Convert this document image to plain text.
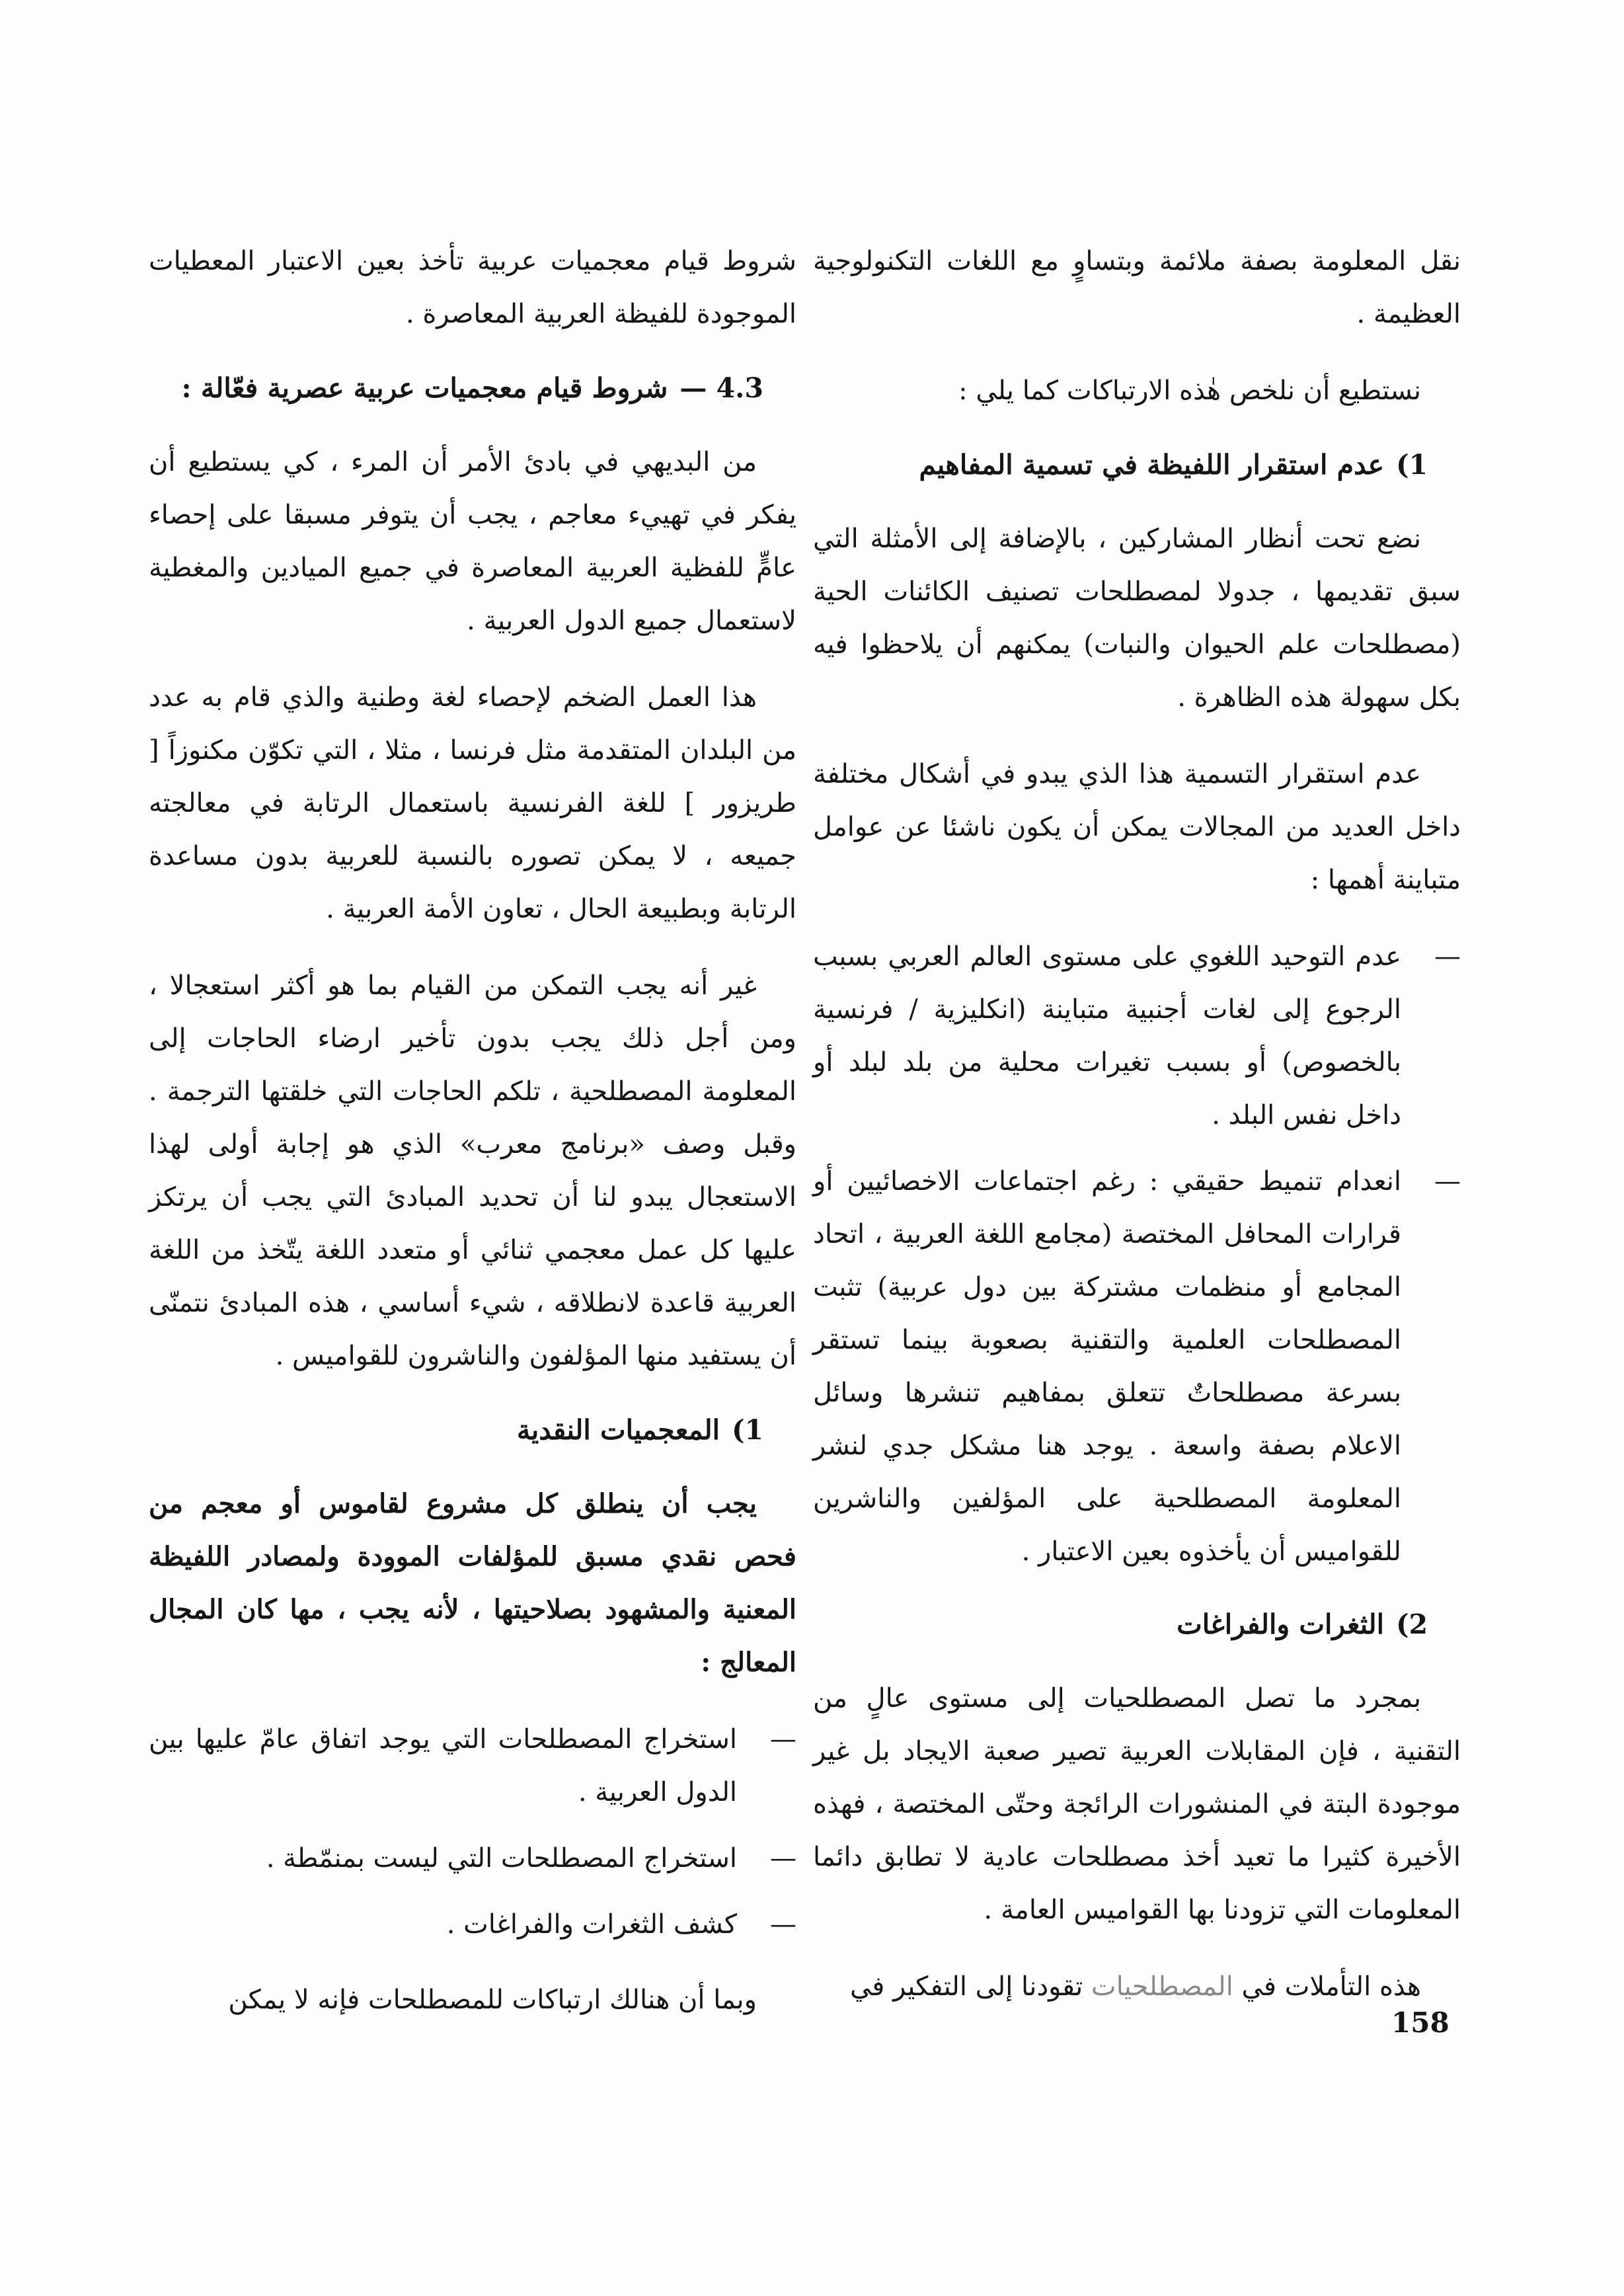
نقل المعلومة بصفة ملائمة وبتساوٍ مع اللغات التكنولوجية العظيمة .

نستطيع أن نلخص هٰذه الارتباكات كما يلي :

1)عدم استقرار اللفيظة في تسمية المفاهيم

نضع تحت أنظار المشاركين ، بالإضافة إلى الأمثلة التي سبق تقديمها ، جدولا لمصطلحات تصنيف الكائنات الحية (مصطلحات علم الحيوان والنبات) يمكنهم أن يلاحظوا فيه بكل سهولة هذه الظاهرة .

عدم استقرار التسمية هذا الذي يبدو في أشكال مختلفة داخل العديد من المجالات يمكن أن يكون ناشئا عن عوامل متباينة أهمها :

—
عدم التوحيد اللغوي على مستوى العالم العربي بسبب الرجوع إلى لغات أجنبية متباينة (انكليزية / فرنسية بالخصوص) أو بسبب تغيرات محلية من بلد لبلد أو داخل نفس البلد .
—
انعدام تنميط حقيقي : رغم اجتماعات الاخصائيين أو قرارات المحافل المختصة (مجامع اللغة العربية ، اتحاد المجامع أو منظمات مشتركة بين دول عربية) تثبت المصطلحات العلمية والتقنية بصعوبة بينما تستقر بسرعة مصطلحاتٌ تتعلق بمفاهيم تنشرها وسائل الاعلام بصفة واسعة . يوجد هنا مشكل جدي لنشر المعلومة المصطلحية على المؤلفين والناشرين للقواميس أن يأخذوه بعين الاعتبار .
2)الثغرات والفراغات

بمجرد ما تصل المصطلحيات إلى مستوى عالٍ من التقنية ، فإن المقابلات العربية تصير صعبة الايجاد بل غير موجودة البتة في المنشورات الرائجة وحتّى المختصة ، فهذه الأخيرة كثيرا ما تعيد أخذ مصطلحات عادية لا تطابق دائما المعلومات التي تزودنا بها القواميس العامة .

هذه التأملات في المصطلحيات تقودنا إلى التفكير في

شروط قيام معجميات عربية تأخذ بعين الاعتبار المعطيات الموجودة للفيظة العربية المعاصرة .

4.3 —شروط قيام معجميات عربية عصرية فعّالة :

من البديهي في بادئ الأمر أن المرء ، كي يستطيع أن يفكر في تهييء معاجم ، يجب أن يتوفر مسبقا على إحصاء عامٍّ للفظية العربية المعاصرة في جميع الميادين والمغطية لاستعمال جميع الدول العربية .

هذا العمل الضخم لإحصاء لغة وطنية والذي قام به عدد من البلدان المتقدمة مثل فرنسا ، مثلا ، التي تكوّن مكنوزاً [ طريزور ] للغة الفرنسية باستعمال الرتابة في معالجته جميعه ، لا يمكن تصوره بالنسبة للعربية بدون مساعدة الرتابة وبطبيعة الحال ، تعاون الأمة العربية .

غير أنه يجب التمكن من القيام بما هو أكثر استعجالا ، ومن أجل ذلك يجب بدون تأخير ارضاء الحاجات إلى المعلومة المصطلحية ، تلكم الحاجات التي خلقتها الترجمة . وقبل وصف «برنامج معرب» الذي هو إجابة أولى لهذا الاستعجال يبدو لنا أن تحديد المبادئ التي يجب أن يرتكز عليها كل عمل معجمي ثنائي أو متعدد اللغة يتّخذ من اللغة العربية قاعدة لانطلاقه ، شيء أساسي ، هذه المبادئ نتمنّى أن يستفيد منها المؤلفون والناشرون للقواميس .

1)المعجميات النقدية

يجب أن ينطلق كل مشروع لقاموس أو معجم من فحص نقدي مسبق للمؤلفات الموودة ولمصادر اللفيظة المعنية والمشهود بصلاحيتها ، لأنه يجب ، مها كان المجال المعالج :

—
استخراج المصطلحات التي يوجد اتفاق عامّ عليها بين الدول العربية .
—
استخراج المصطلحات التي ليست بمنمّطة .
—
كشف الثغرات والفراغات .

وبما أن هنالك ارتباكات للمصطلحات فإنه لا يمكن

158
